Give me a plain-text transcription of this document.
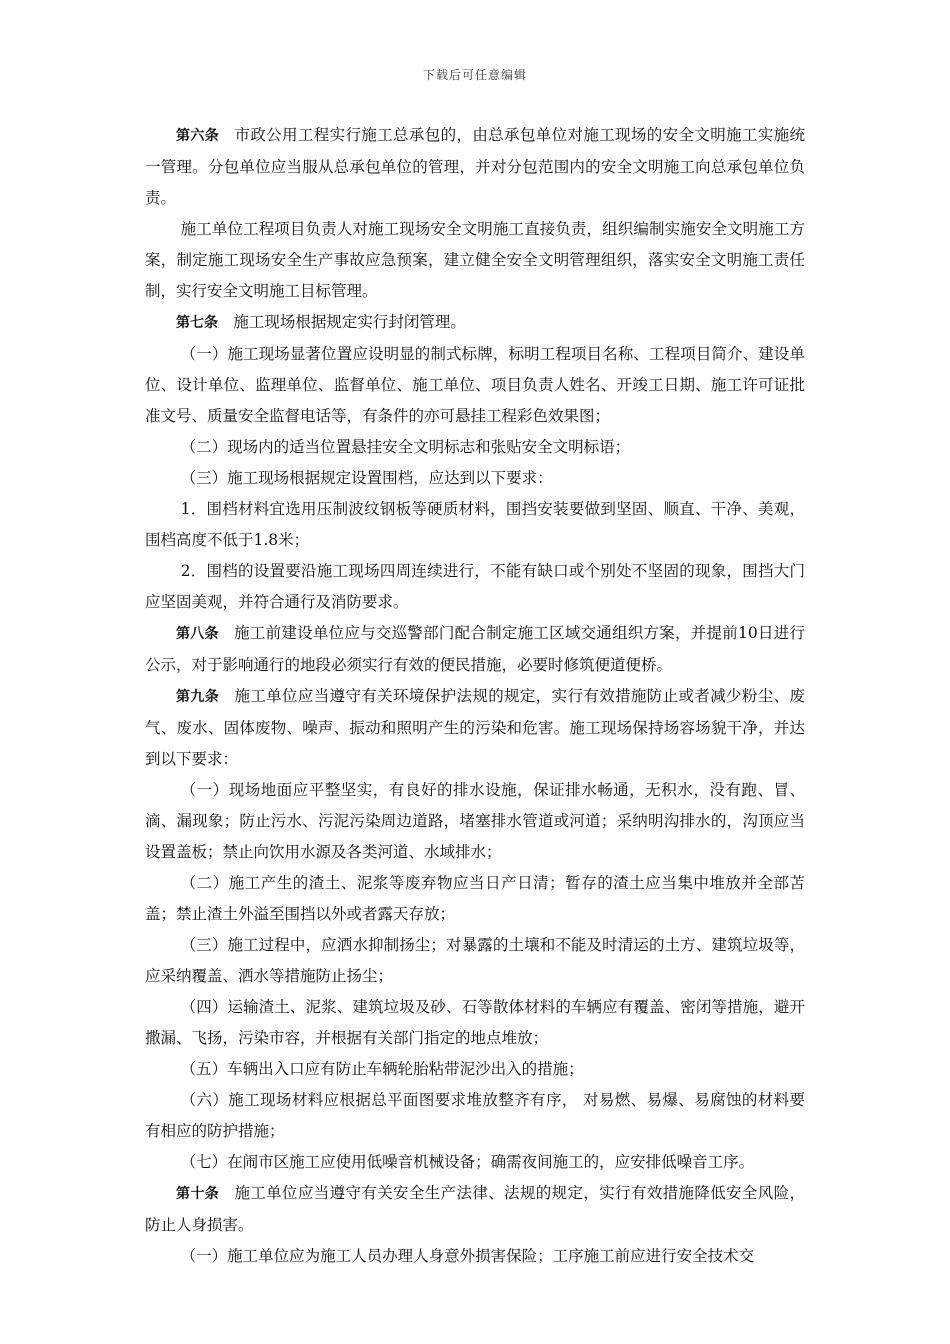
下载后可任意编辑

第六条 市政公用工程实行施工总承包的，由总承包单位对施工现场的安全文明施工实施统一管理。分包单位应当服从总承包单位的管理，并对分包范围内的安全文明施工向总承包单位负责。

施工单位工程项目负责人对施工现场安全文明施工直接负责，组织编制实施安全文明施工方案，制定施工现场安全生产事故应急预案，建立健全安全文明管理组织，落实安全文明施工责任制，实行安全文明施工目标管理。

第七条 施工现场根据规定实行封闭管理。

（一）施工现场显著位置应设明显的制式标牌，标明工程项目名称、工程项目简介、建设单位、设计单位、监理单位、监督单位、施工单位、项目负责人姓名、开竣工日期、施工许可证批准文号、质量安全监督电话等，有条件的亦可悬挂工程彩色效果图；

（二）现场内的适当位置悬挂安全文明标志和张贴安全文明标语；

（三）施工现场根据规定设置围档，应达到以下要求：

1．围档材料宜选用压制波纹钢板等硬质材料，围挡安装要做到坚固、顺直、干净、美观，围档高度不低于1.8米；

2．围档的设置要沿施工现场四周连续进行，不能有缺口或个别处不坚固的现象，围挡大门应坚固美观，并符合通行及消防要求。

第八条 施工前建设单位应与交巡警部门配合制定施工区域交通组织方案，并提前10日进行公示，对于影响通行的地段必须实行有效的便民措施，必要时修筑便道便桥。

第九条 施工单位应当遵守有关环境保护法规的规定，实行有效措施防止或者减少粉尘、废气、废水、固体废物、噪声、振动和照明产生的污染和危害。施工现场保持场容场貌干净，并达到以下要求：

（一）现场地面应平整坚实，有良好的排水设施，保证排水畅通，无积水，没有跑、冒、滴、漏现象；防止污水、污泥污染周边道路，堵塞排水管道或河道；采纳明沟排水的，沟顶应当设置盖板；禁止向饮用水源及各类河道、水域排水；

（二）施工产生的渣土、泥浆等废弃物应当日产日清；暂存的渣土应当集中堆放并全部苫盖；禁止渣土外溢至围挡以外或者露天存放；

（三）施工过程中，应洒水抑制扬尘；对暴露的土壤和不能及时清运的土方、建筑垃圾等，应采纳覆盖、洒水等措施防止扬尘；

（四）运输渣土、泥浆、建筑垃圾及砂、石等散体材料的车辆应有覆盖、密闭等措施，避开撒漏、飞扬，污染市容，并根据有关部门指定的地点堆放；

（五）车辆出入口应有防止车辆轮胎粘带泥沙出入的措施；

（六）施工现场材料应根据总平面图要求堆放整齐有序， 对易燃、易爆、易腐蚀的材料要有相应的防护措施；

（七）在闹市区施工应使用低噪音机械设备；确需夜间施工的，应安排低噪音工序。

第十条 施工单位应当遵守有关安全生产法律、法规的规定，实行有效措施降低安全风险，防止人身损害。

（一）施工单位应为施工人员办理人身意外损害保险；工序施工前应进行安全技术交
